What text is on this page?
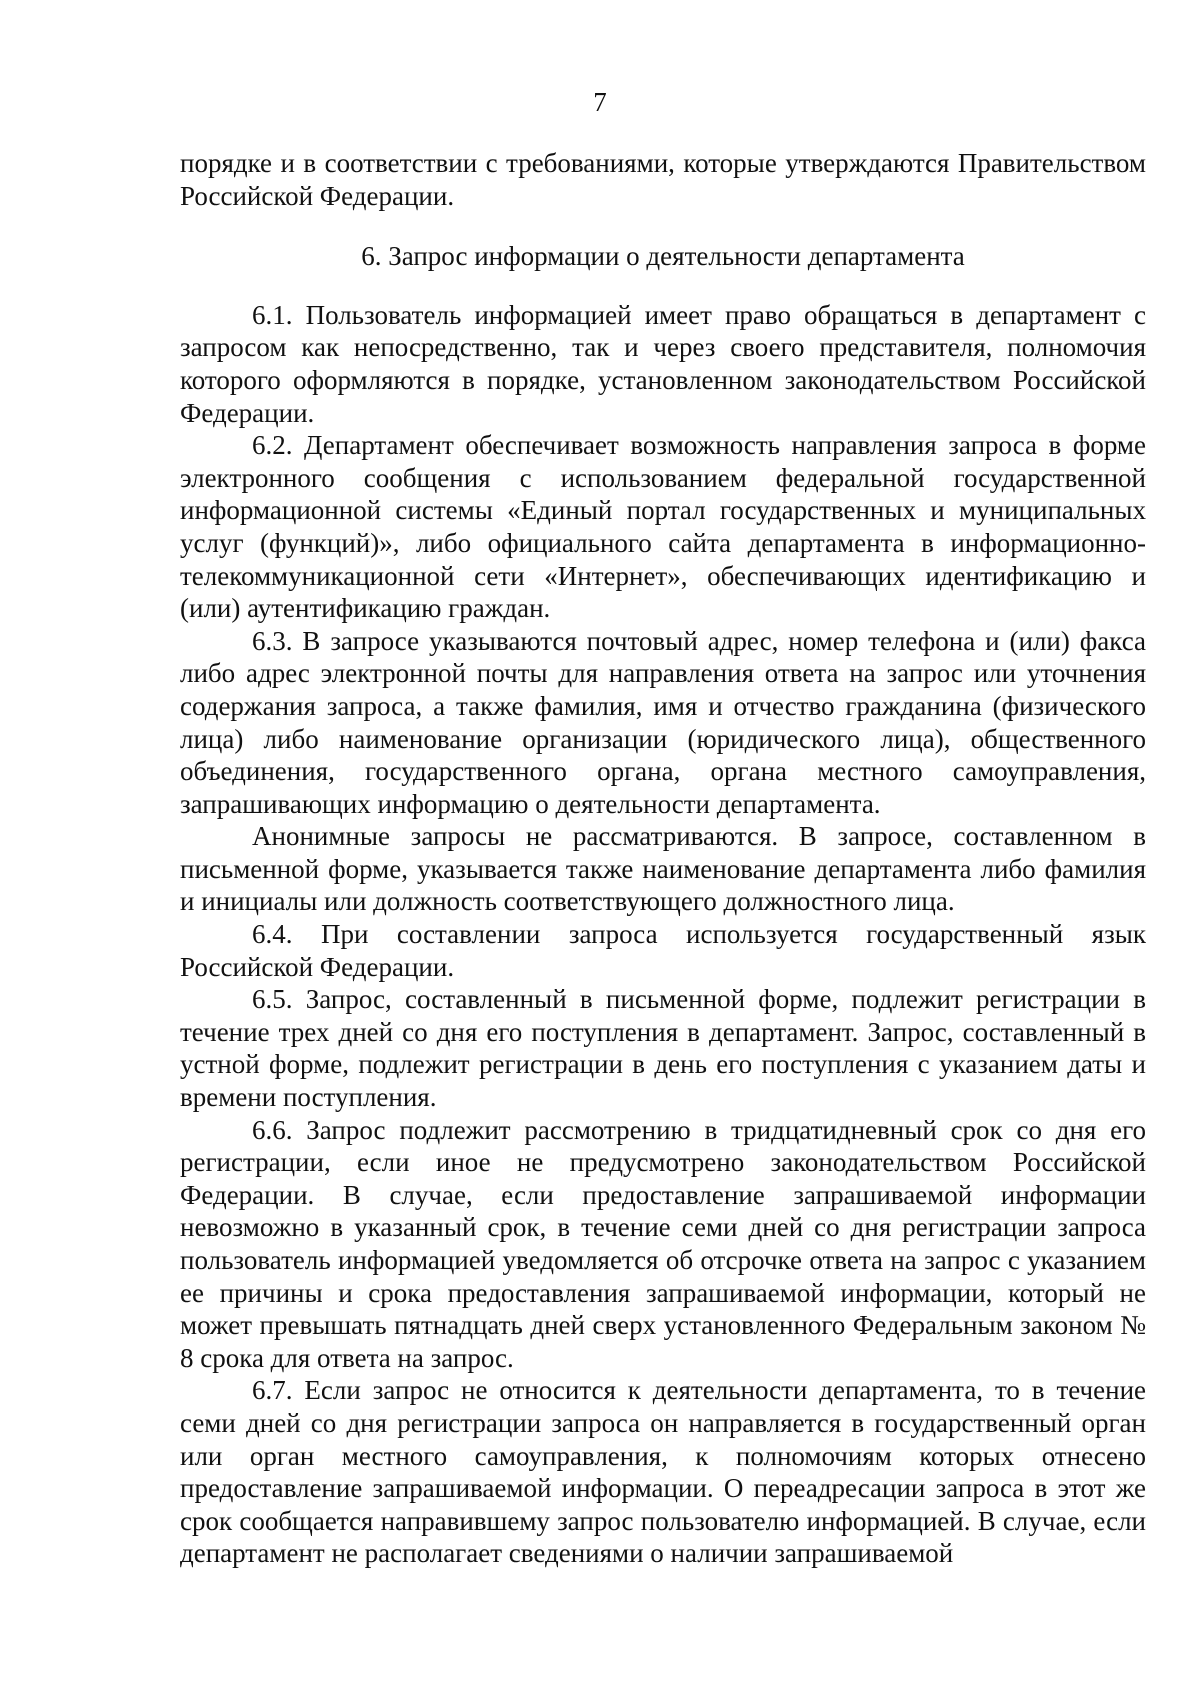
7

порядке и в соответствии с требованиями, которые утверждаются Правительством Российской Федерации.

6. Запрос информации о деятельности департамента

6.1. Пользователь информацией имеет право обращаться в департамент с запросом как непосредственно, так и через своего представителя, полномочия которого оформляются в порядке, установленном законодательством Российской Федерации.

6.2. Департамент обеспечивает возможность направления запроса в форме электронного сообщения с использованием федеральной государственной информационной системы «Единый портал государственных и муниципальных услуг (функций)», либо официального сайта департамента в информационно-телекоммуникационной сети «Интернет», обеспечивающих идентификацию и (или) аутентификацию граждан.

6.3. В запросе указываются почтовый адрес, номер телефона и (или) факса либо адрес электронной почты для направления ответа на запрос или уточнения содержания запроса, а также фамилия, имя и отчество гражданина (физического лица) либо наименование организации (юридического лица), общественного объединения, государственного органа, органа местного самоуправления, запрашивающих информацию о деятельности департамента.

Анонимные запросы не рассматриваются. В запросе, составленном в письменной форме, указывается также наименование департамента либо фамилия и инициалы или должность соответствующего должностного лица.

6.4. При составлении запроса используется государственный язык Российской Федерации.

6.5. Запрос, составленный в письменной форме, подлежит регистрации в течение трех дней со дня его поступления в департамент. Запрос, составленный в устной форме, подлежит регистрации в день его поступления с указанием даты и времени поступления.

6.6. Запрос подлежит рассмотрению в тридцатидневный срок со дня его регистрации, если иное не предусмотрено законодательством Российской Федерации. В случае, если предоставление запрашиваемой информации невозможно в указанный срок, в течение семи дней со дня регистрации запроса пользователь информацией уведомляется об отсрочке ответа на запрос с указанием ее причины и срока предоставления запрашиваемой информации, который не может превышать пятнадцать дней сверх установленного Федеральным законом № 8 срока для ответа на запрос.

6.7. Если запрос не относится к деятельности департамента, то в течение семи дней со дня регистрации запроса он направляется в государственный орган или орган местного самоуправления, к полномочиям которых отнесено предоставление запрашиваемой информации. О переадресации запроса в этот же срок сообщается направившему запрос пользователю информацией. В случае, если департамент не располагает сведениями о наличии запрашиваемой
